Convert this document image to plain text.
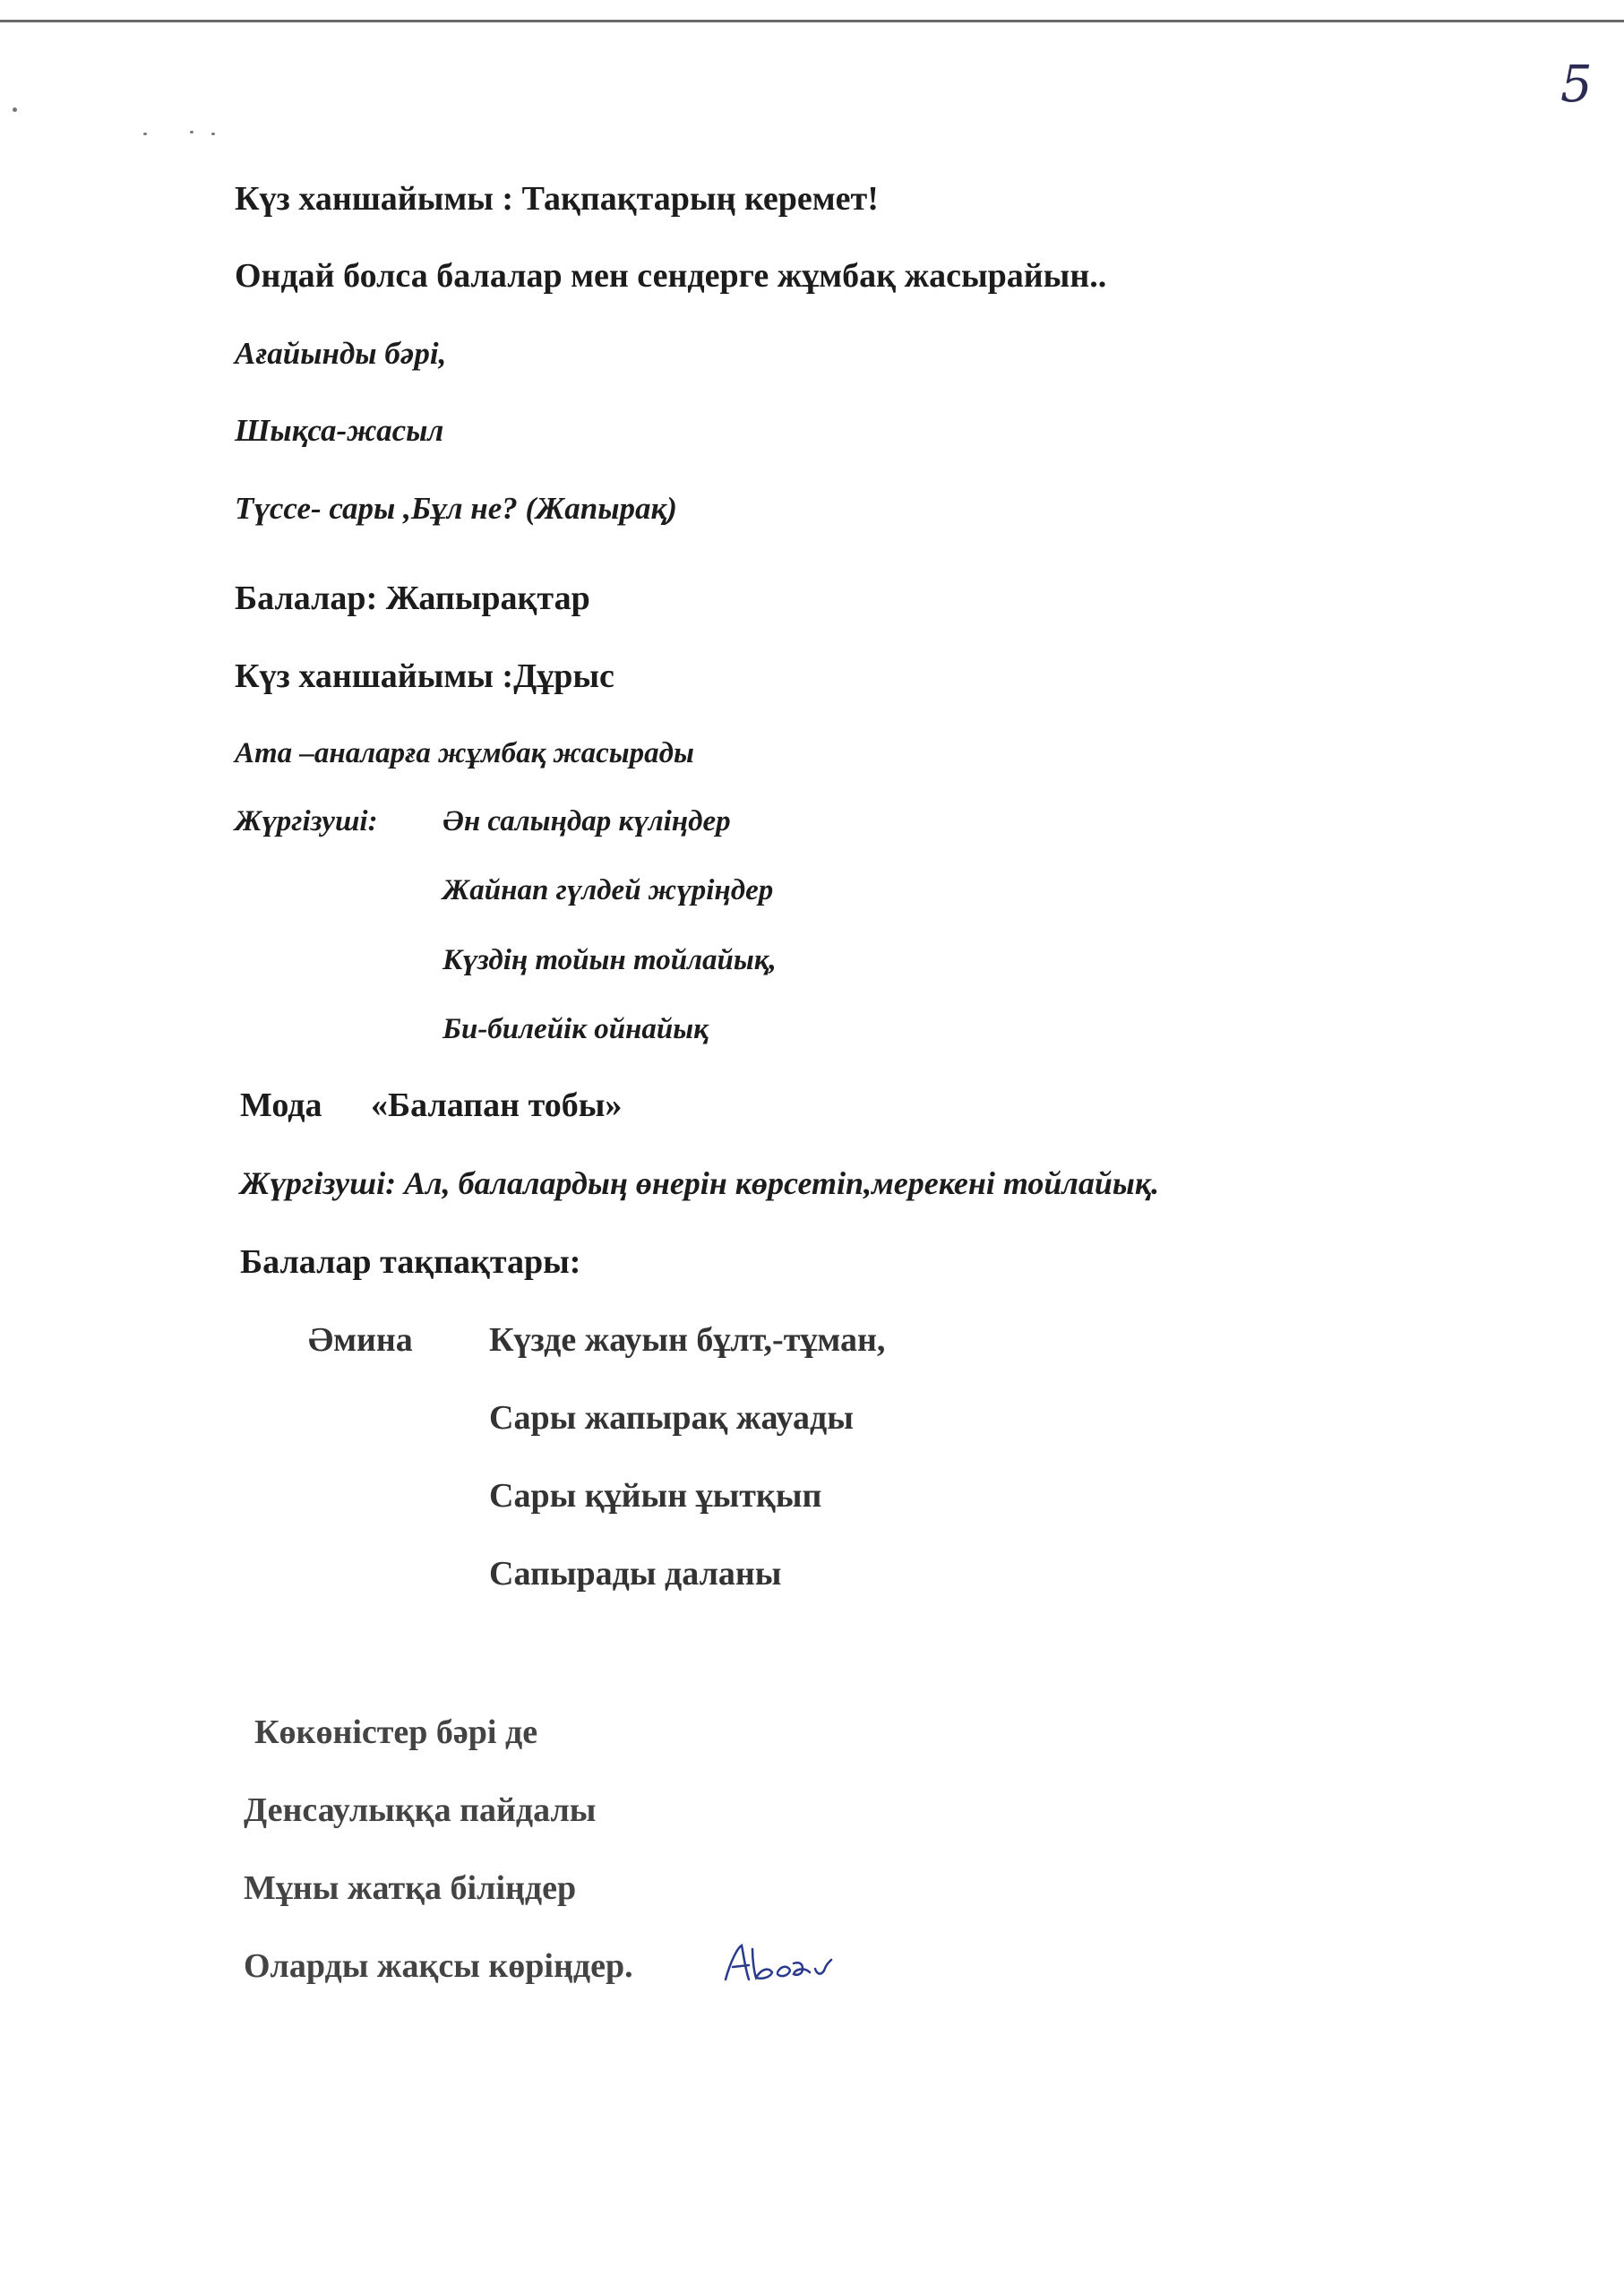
5
Күз ханшайымы : Тақпақтарың керемет!
Ондай болса балалар мен сендерге жұмбақ жасырайын..
Ағайынды бәрі,
Шықса-жасыл
Түссе- сары ,Бұл не? (Жапырақ)
Балалар: Жапырақтар
Күз ханшайымы :Дұрыс
Ата –аналарға жұмбақ жасырады
Жүргізуші: Ән салыңдар күліңдер
Жайнап гүлдей жүріңдер
Күздің тойын тойлайық,
Би-билейік ойнайық
Мода «Балапан тобы»
Жүргізуші: Ал, балалардың өнерін көрсетіп,мерекені тойлайық.
Балалар тақпақтары:
Әмина Күзде жауын бұлт,-тұман,
Сары жапырақ жауады
Сары құйын ұытқып
Сапырады даланы
Көкөністер бәрі де
Денсаулыққа пайдалы
Мұны жатқа біліңдер
Оларды жақсы көріңдер.
